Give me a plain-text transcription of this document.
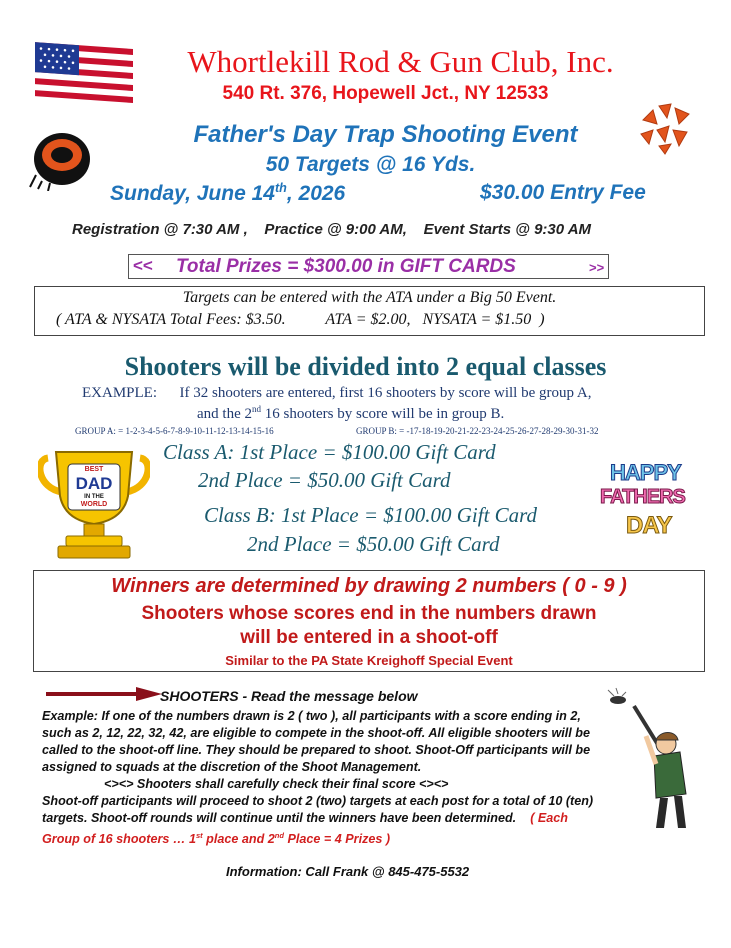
Whortlekill Rod & Gun Club, Inc.
540 Rt. 376, Hopewell Jct., NY 12533
Father's Day Trap Shooting Event
50 Targets @ 16 Yds.
Sunday, June 14th, 2026	$30.00 Entry Fee
Registration @ 7:30 AM ,    Practice @ 9:00 AM,    Event Starts @ 9:30 AM
<< Total Prizes = $300.00 in GIFT CARDS	>>
Targets can be entered with the ATA under a Big 50 Event.
( ATA & NYSATA Total Fees: $3.50.          ATA = $2.00,   NYSATA = $1.50  )
Shooters will be divided into 2 equal classes
EXAMPLE:      If 32 shooters are entered, first 16 shooters by score will be group A,
and the 2nd 16 shooters by score will be in group B.
GROUP A: = 1-2-3-4-5-6-7-8-9-10-11-12-13-14-15-16	GROUP B: = -17-18-19-20-21-22-23-24-25-26-27-28-29-30-31-32
BEST
DAD
IN THE
WORLD
Class A: 1st Place = $100.00 Gift Card
2nd Place = $50.00 Gift Card
Class B: 1st Place = $100.00 Gift Card
2nd Place = $50.00 Gift Card
HAPPY
FATHERS
DAY
Winners are determined by drawing 2 numbers ( 0 - 9 )
Shooters whose scores end in the numbers drawn
will be entered in a shoot-off
Similar to the PA State Kreighoff Special Event
SHOOTERS - Read the message below
Example: If one of the numbers drawn is 2 ( two ), all participants with a score ending in 2, such as 2, 12, 22, 32, 42, are eligible to compete in the shoot-off. All eligible shooters will be called to the shoot-off line. They should be prepared to shoot. Shoot-Off participants will be assigned to squads at the discretion of the Shoot Management.
<><> Shooters shall carefully check their final score <><>
Shoot-off participants will proceed to shoot 2 (two) targets at each post for a total of 10 (ten) targets. Shoot-off rounds will continue until the winners have been determined. ( Each Group of 16 shooters … 1st place and 2nd Place = 4 Prizes )
Information: Call Frank @ 845-475-5532
